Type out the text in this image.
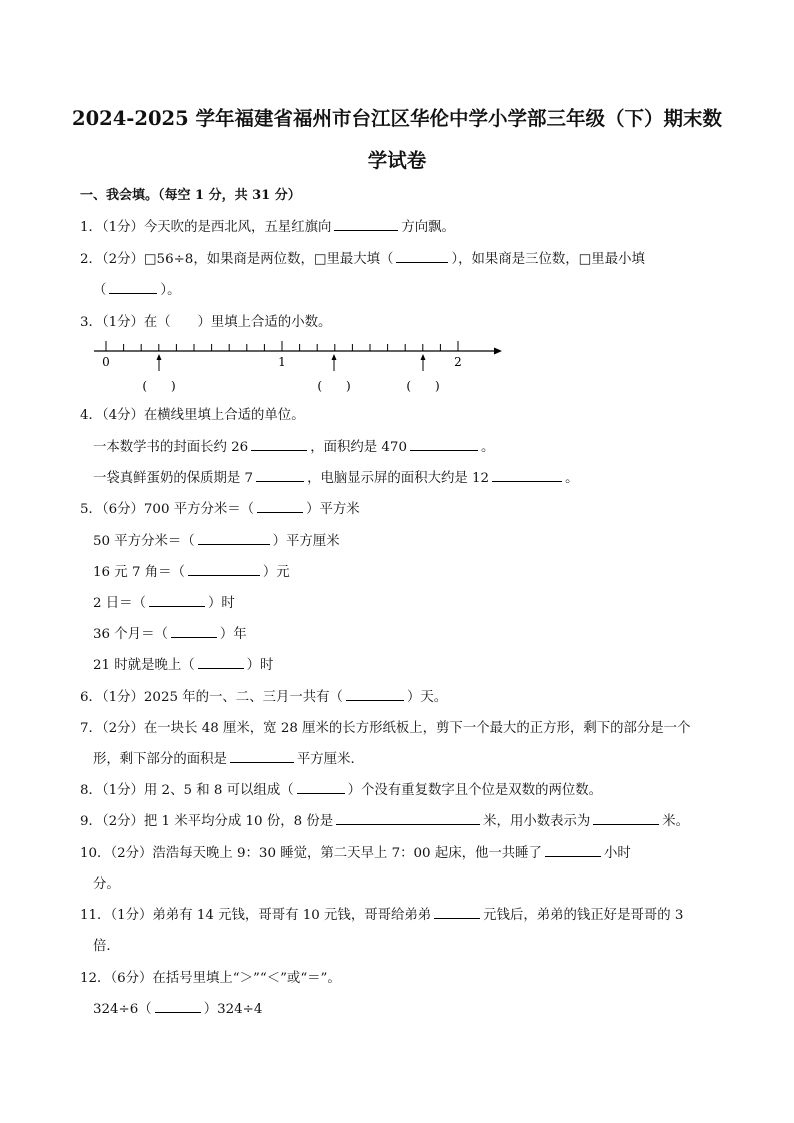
2024-2025 学年福建省福州市台江区华伦中学小学部三年级（下）期末数
学试卷
一、我会填。（每空 1 分，共 31 分）
1．（1分）今天吹的是西北风，五星红旗向	方向飘。
2．（2分）□56÷8，如果商是两位数，□里最大填（	），如果商是三位数，□里最小填
（	）。
3．（1分）在（　　）里填上合适的小数。
0	1	2
(　　)	(　　)	(　　)
4．（4分）在横线里填上合适的单位。
一本数学书的封面长约 26	，面积约是 470	。
一袋真鲜蛋奶的保质期是 7	，电脑显示屏的面积大约是 12	。
5．（6分）700 平方分米＝（	）平方米
50 平方分米＝（	）平方厘米
16 元 7 角＝（	）元
2 日＝（	）时
36 个月＝（	）年
21 时就是晚上（	）时
6．（1分）2025 年的一、二、三月一共有（	）天。
7．（2分）在一块长 48 厘米，宽 28 厘米的长方形纸板上，剪下一个最大的正方形，剩下的部分是一个
形，剩下部分的面积是	平方厘米．
8．（1分）用 2、5 和 8 可以组成（	）个没有重复数字且个位是双数的两位数。
9．（2分）把 1 米平均分成 10 份，8 份是	米，用小数表示为	米。
10．（2分）浩浩每天晚上 9：30 睡觉，第二天早上 7：00 起床，他一共睡了	小时
分。
11．（1分）弟弟有 14 元钱，哥哥有 10 元钱，哥哥给弟弟	元钱后，弟弟的钱正好是哥哥的 3
倍．
12．（6分）在括号里填上“＞”“＜”或“＝”。
324÷6（	）324÷4
